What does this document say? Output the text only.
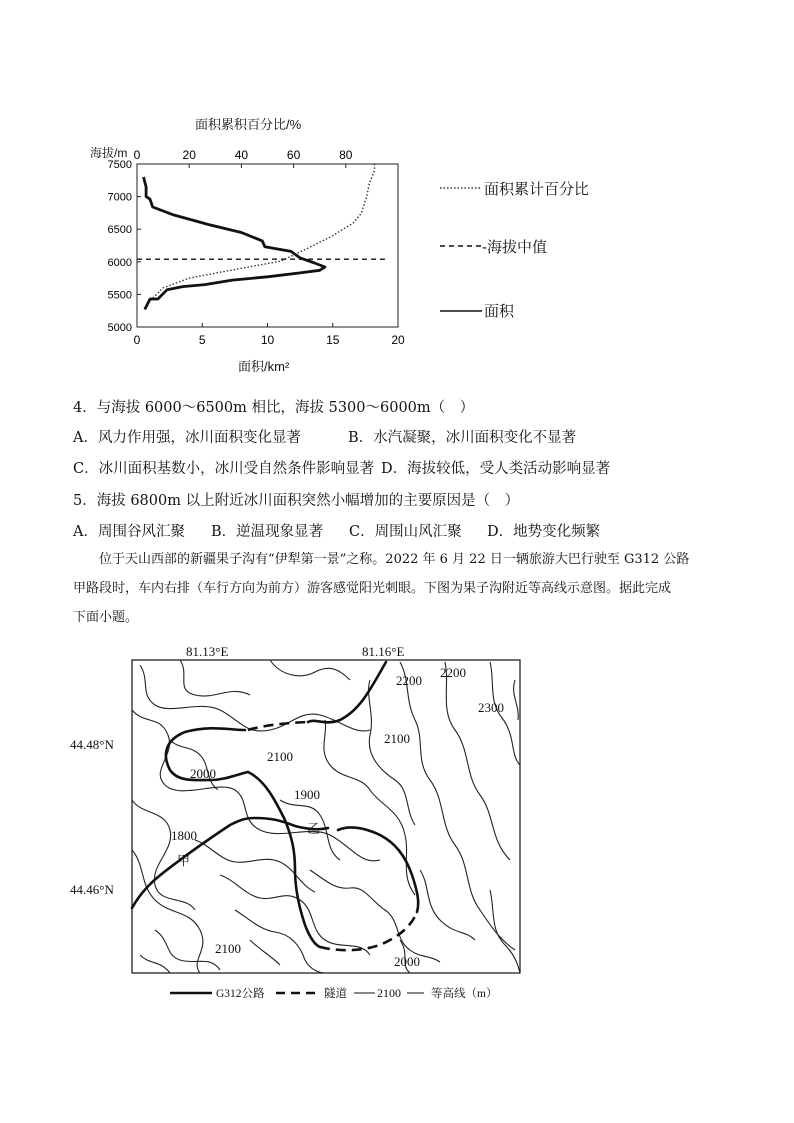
面积累积百分比/%
海拔/m
面积/km²
0	20	40	60	80
7500
7000
6500
6000
5500
5000
0	5	10	15	20
面积累计百分比
-海拔中值
面积
4．与海拔 6000～6500m 相比，海拔 5300～6000m（　）
A．风力作用强，冰川面积变化显著	B．水汽凝聚，冰川面积变化不显著
C．冰川面积基数小，冰川受自然条件影响显著 D．海拔较低，受人类活动影响显著
5．海拔 6800m 以上附近冰川面积突然小幅增加的主要原因是（　）
A．周围谷风汇聚 B．逆温现象显著 C．周围山风汇聚 D．地势变化频繁
位于天山西部的新疆果子沟有“伊犁第一景”之称。2022 年 6 月 22 日一辆旅游大巴行驶至 G312 公路
甲路段时，车内右排（车行方向为前方）游客感觉阳光刺眼。下图为果子沟附近等高线示意图。据此完成
下面小题。
81.13°E	81.16°E
44.48°N
44.46°N
2200
2200
2300
2100
2100
2000
1900
1800
2100
2000
甲
乙
G312公路	隧道	2100	等高线（m）
